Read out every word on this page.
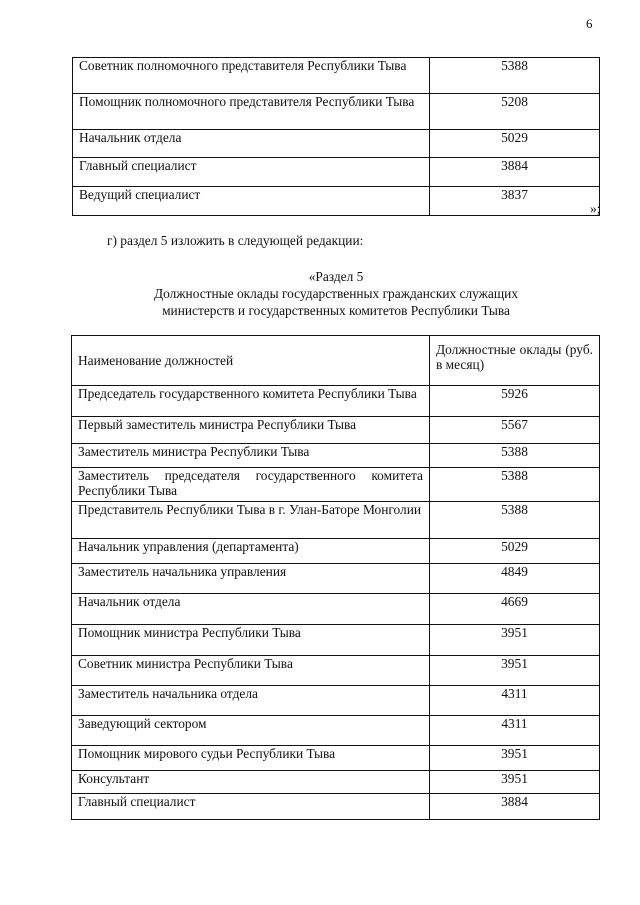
6
Советник полномочного представителя Республики Тыва	5388
Помощник полномочного представителя Республики Тыва	5208
Начальник отдела	5029
Главный специалист	3884
Ведущий специалист	3837
»;
г) раздел 5 изложить в следующей редакции:
«Раздел 5
Должностные оклады государственных гражданских служащих
министерств и государственных комитетов Республики Тыва
Наименование должностей	Должностные оклады (руб. в месяц)
Председатель государственного комитета Республики Тыва	5926
Первый заместитель министра Республики Тыва	5567
Заместитель министра Республики Тыва	5388
Заместитель председателя государственного комитета Республики Тыва	5388
Представитель Республики Тыва в г. Улан-Баторе Монголии	5388
Начальник управления (департамента)	5029
Заместитель начальника управления	4849
Начальник отдела	4669
Помощник министра Республики Тыва	3951
Советник министра Республики Тыва	3951
Заместитель начальника отдела	4311
Заведующий сектором	4311
Помощник мирового судьи Республики Тыва	3951
Консультант	3951
Главный специалист	3884
